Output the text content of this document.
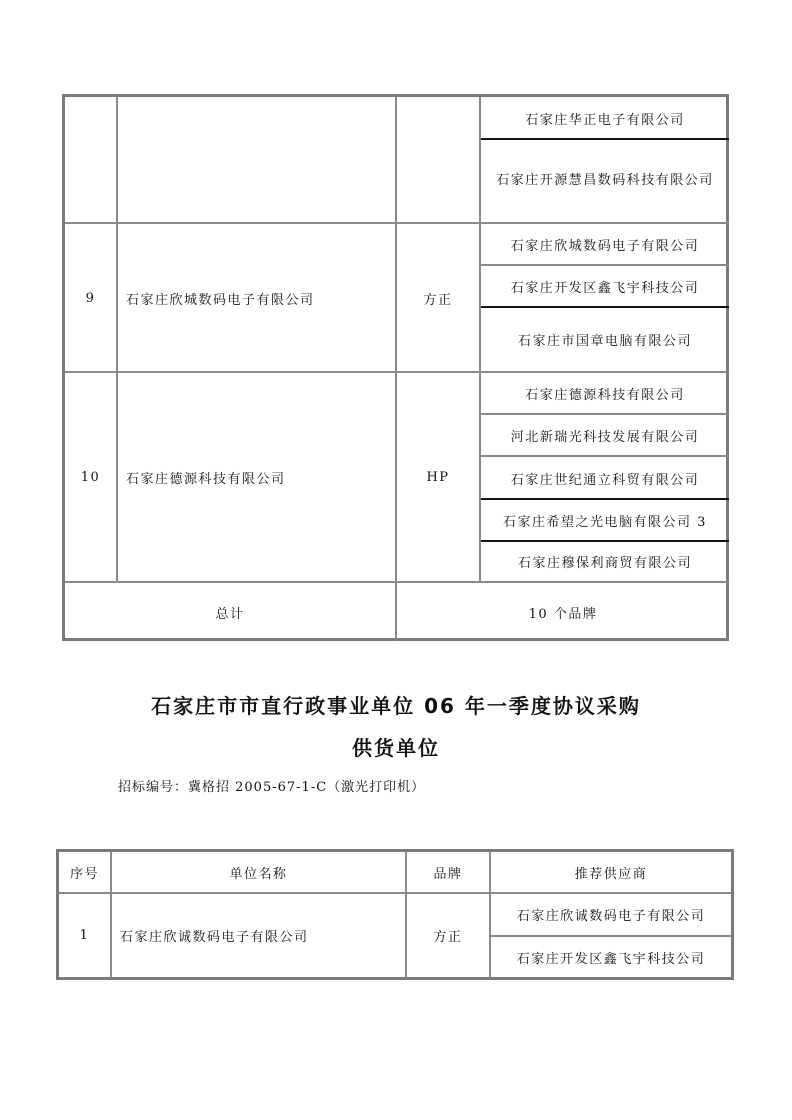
石家庄华正电子有限公司
石家庄开源慧昌数码科技有限公司
9 石家庄欣城数码电子有限公司	方正
石家庄欣城数码电子有限公司
石家庄开发区鑫飞宇科技公司
石家庄市国章电脑有限公司
10 石家庄德源科技有限公司	HP
石家庄德源科技有限公司
河北新瑞光科技发展有限公司
石家庄世纪通立科贸有限公司
石家庄希望之光电脑有限公司 3
石家庄穆保利商贸有限公司
总计	10 个品牌
石家庄市市直行政事业单位 06 年一季度协议采购
供货单位
招标编号：冀格招 2005-67-1-C（激光打印机）
序号	单位名称	品牌	推荐供应商
1 石家庄欣诚数码电子有限公司	方正
石家庄欣诚数码电子有限公司
石家庄开发区鑫飞宇科技公司
